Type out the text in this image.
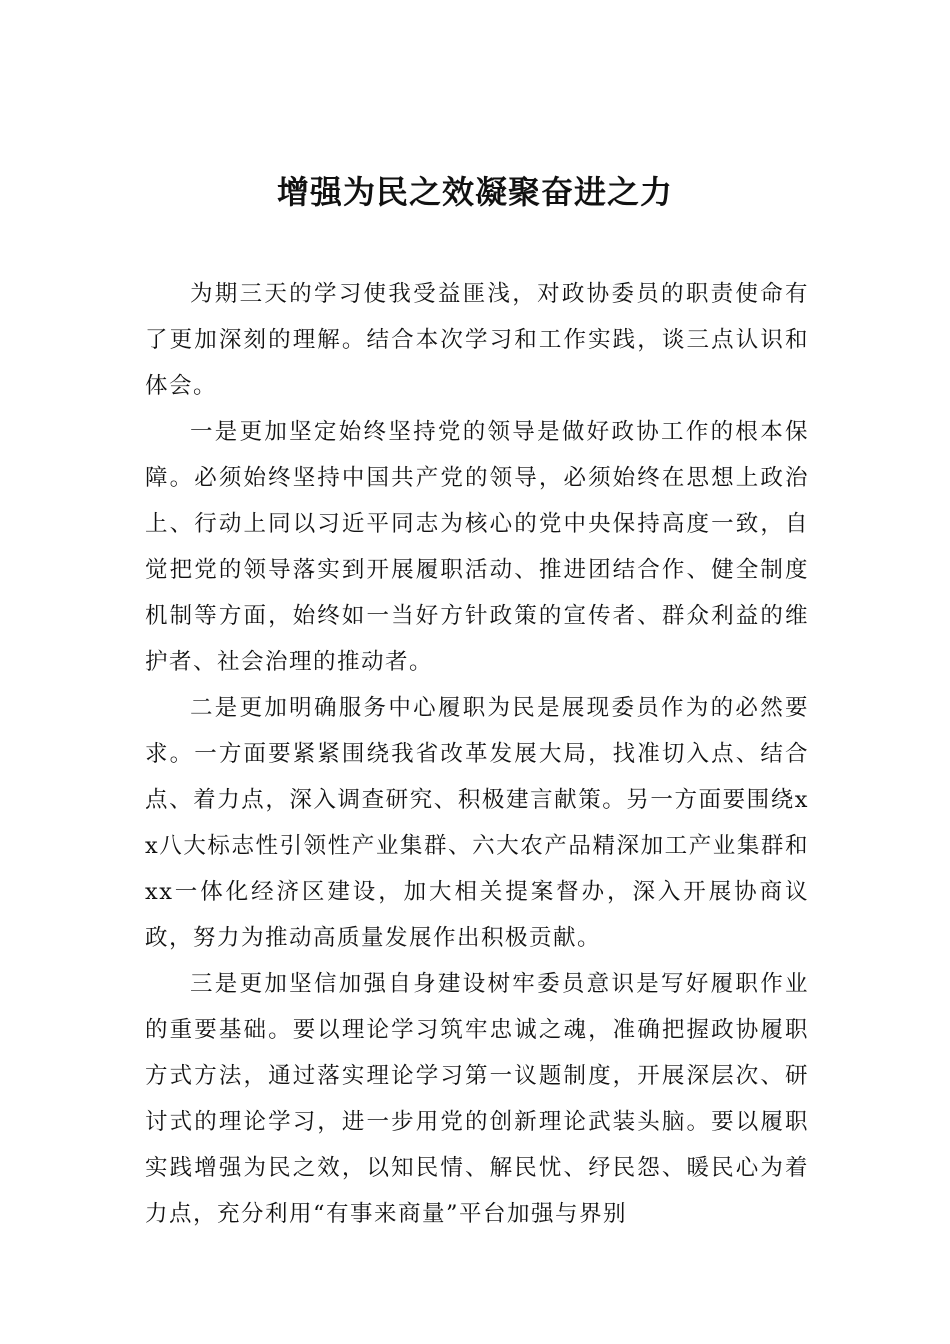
增强为民之效凝聚奋进之力

为期三天的学习使我受益匪浅，对政协委员的职责使命有了更加深刻的理解。结合本次学习和工作实践，谈三点认识和体会。

一是更加坚定始终坚持党的领导是做好政协工作的根本保障。必须始终坚持中国共产党的领导，必须始终在思想上政治上、行动上同以习近平同志为核心的党中央保持高度一致，自觉把党的领导落实到开展履职活动、推进团结合作、健全制度机制等方面，始终如一当好方针政策的宣传者、群众利益的维护者、社会治理的推动者。

二是更加明确服务中心履职为民是展现委员作为的必然要求。一方面要紧紧围绕我省改革发展大局，找准切入点、结合点、着力点，深入调查研究、积极建言献策。另一方面要围绕xx八大标志性引领性产业集群、六大农产品精深加工产业集群和xx一体化经济区建设，加大相关提案督办，深入开展协商议政，努力为推动高质量发展作出积极贡献。

三是更加坚信加强自身建设树牢委员意识是写好履职作业的重要基础。要以理论学习筑牢忠诚之魂，准确把握政协履职方式方法，通过落实理论学习第一议题制度，开展深层次、研讨式的理论学习，进一步用党的创新理论武装头脑。要以履职实践增强为民之效，以知民情、解民忧、纾民怨、暖民心为着力点，充分利用“有事来商量”平台加强与界别
